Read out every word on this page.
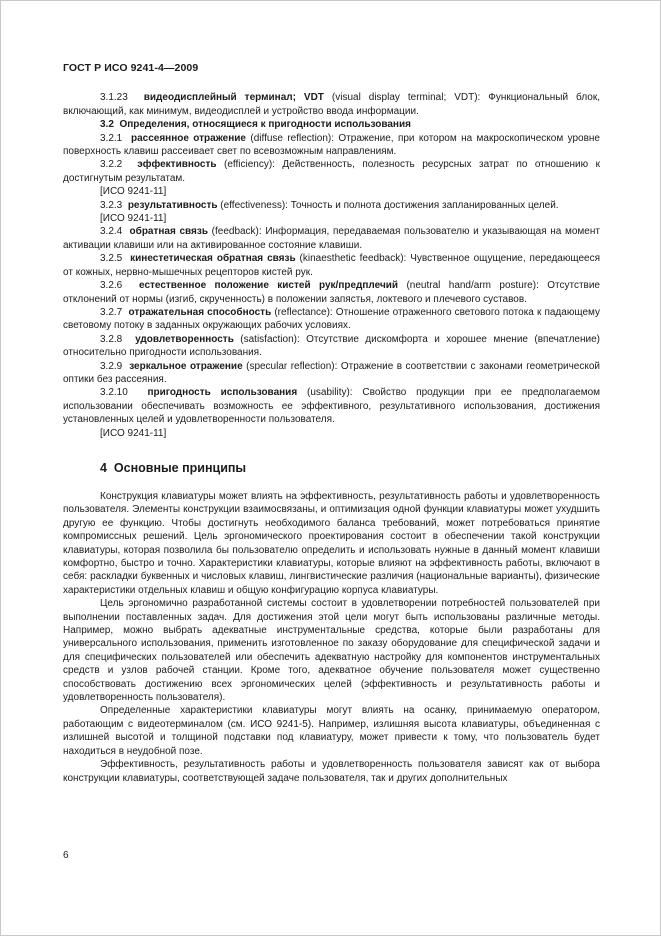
ГОСТ Р ИСО 9241-4—2009

3.1.23  видеодисплейный терминал; VDT (visual display terminal; VDT): Функциональный блок, включающий, как минимум, видеодисплей и устройство ввода информации.

3.2  Определения, относящиеся к пригодности использования

3.2.1  рассеянное отражение (diffuse reflection): Отражение, при котором на макроскопическом уровне поверхность клавиш рассеивает свет по всевозможным направлениям.

3.2.2  эффективность (efficiency): Действенность, полезность ресурсных затрат по отношению к достигнутым результатам.

[ИСО 9241-11]

3.2.3  результативность (effectiveness): Точность и полнота достижения запланированных целей.

[ИСО 9241-11]

3.2.4  обратная связь (feedback): Информация, передаваемая пользователю и указывающая на момент активации клавиши или на активированное состояние клавиши.

3.2.5  кинестетическая обратная связь (kinaesthetic feedback): Чувственное ощущение, передающееся от кожных, нервно-мышечных рецепторов кистей рук.

3.2.6  естественное положение кистей рук/предплечий (neutral hand/arm posture): Отсутствие отклонений от нормы (изгиб, скрученность) в положении запястья, локтевого и плечевого суставов.

3.2.7  отражательная способность (reflectance): Отношение отраженного светового потока к падающему световому потоку в заданных окружающих рабочих условиях.

3.2.8  удовлетворенность (satisfaction): Отсутствие дискомфорта и хорошее мнение (впечатление) относительно пригодности использования.

3.2.9  зеркальное отражение (specular reflection): Отражение в соответствии с законами геометрической оптики без рассеяния.

3.2.10  пригодность использования (usability): Свойство продукции при ее предполагаемом использовании обеспечивать возможность ее эффективного, результативного использования, достижения установленных целей и удовлетворенности пользователя.

[ИСО 9241-11]

4  Основные принципы

Конструкция клавиатуры может влиять на эффективность, результативность работы и удовлетворенность пользователя. Элементы конструкции взаимосвязаны, и оптимизация одной функции клавиатуры может ухудшить другую ее функцию. Чтобы достигнуть необходимого баланса требований, может потребоваться принятие компромиссных решений. Цель эргономического проектирования состоит в обеспечении такой конструкции клавиатуры, которая позволила бы пользователю определить и использовать нужные в данный момент клавиши комфортно, быстро и точно. Характеристики клавиатуры, которые влияют на эффективность работы, включают в себя: раскладки буквенных и числовых клавиш, лингвистические различия (национальные варианты), физические характеристики отдельных клавиш и общую конфигурацию корпуса клавиатуры.

Цель эргономично разработанной системы состоит в удовлетворении потребностей пользователей при выполнении поставленных задач. Для достижения этой цели могут быть использованы различные методы. Например, можно выбрать адекватные инструментальные средства, которые были разработаны для универсального использования, применить изготовленное по заказу оборудование для специфической задачи и для специфических пользователей или обеспечить адекватную настройку для компонентов инструментальных средств и узлов рабочей станции. Кроме того, адекватное обучение пользователя может существенно способствовать достижению всех эргономических целей (эффективность и результативность работы и удовлетворенность пользователя).

Определенные характеристики клавиатуры могут влиять на осанку, принимаемую оператором, работающим с видеотерминалом (см. ИСО 9241-5). Например, излишняя высота клавиатуры, объединенная с излишней высотой и толщиной подставки под клавиатуру, может привести к тому, что пользователь будет находиться в неудобной позе.

Эффективность, результативность работы и удовлетворенность пользователя зависят как от выбора конструкции клавиатуры, соответствующей задаче пользователя, так и других дополнительных

6
